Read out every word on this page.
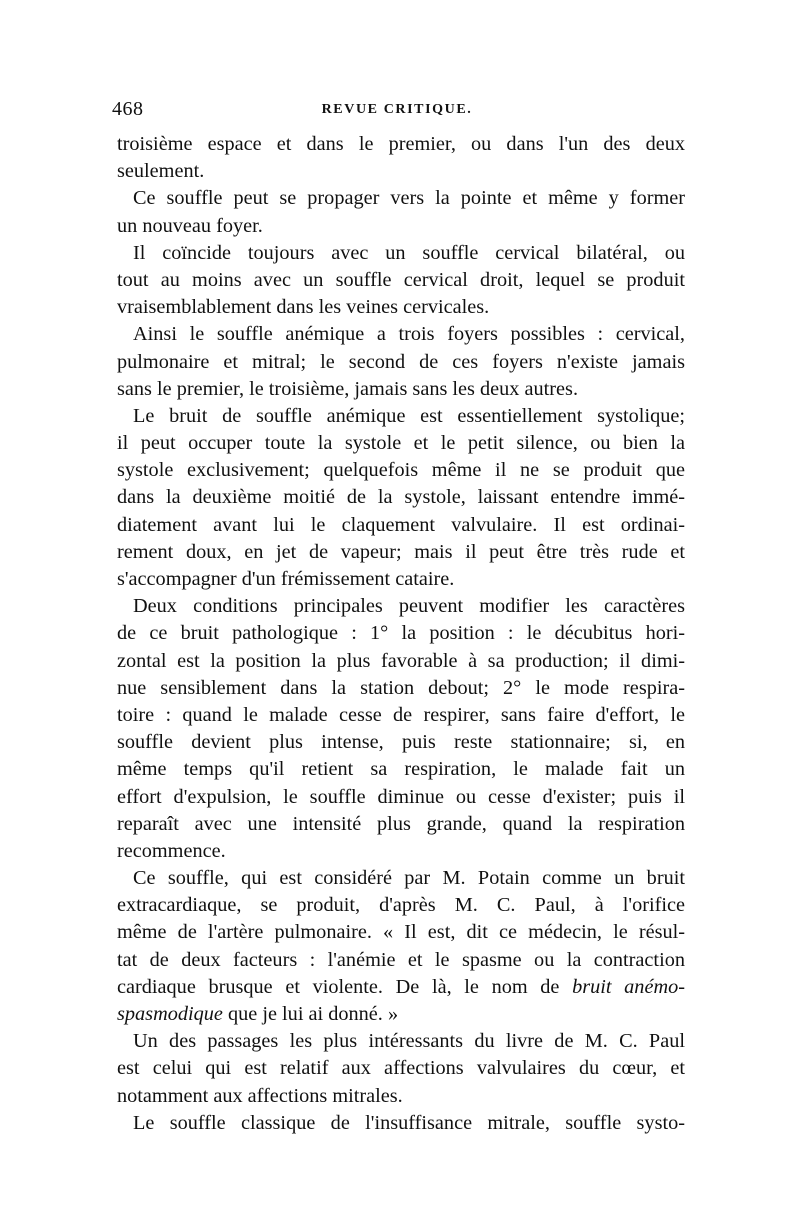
468	REVUE CRITIQUE.
troisième espace et dans le premier, ou dans l'un des deux
seulement.
Ce souffle peut se propager vers la pointe et même y former
un nouveau foyer.
Il coïncide toujours avec un souffle cervical bilatéral, ou
tout au moins avec un souffle cervical droit, lequel se produit
vraisemblablement dans les veines cervicales.
Ainsi le souffle anémique a trois foyers possibles : cervical,
pulmonaire et mitral; le second de ces foyers n'existe jamais
sans le premier, le troisième, jamais sans les deux autres.
Le bruit de souffle anémique est essentiellement systolique;
il peut occuper toute la systole et le petit silence, ou bien la
systole exclusivement; quelquefois même il ne se produit que
dans la deuxième moitié de la systole, laissant entendre immé-
diatement avant lui le claquement valvulaire. Il est ordinai-
rement doux, en jet de vapeur; mais il peut être très rude et
s'accompagner d'un frémissement cataire.
Deux conditions principales peuvent modifier les caractères
de ce bruit pathologique : 1° la position : le décubitus hori-
zontal est la position la plus favorable à sa production; il dimi-
nue sensiblement dans la station debout; 2° le mode respira-
toire : quand le malade cesse de respirer, sans faire d'effort, le
souffle devient plus intense, puis reste stationnaire; si, en
même temps qu'il retient sa respiration, le malade fait un
effort d'expulsion, le souffle diminue ou cesse d'exister; puis il
reparaît avec une intensité plus grande, quand la respiration
recommence.
Ce souffle, qui est considéré par M. Potain comme un bruit
extracardiaque, se produit, d'après M. C. Paul, à l'orifice
même de l'artère pulmonaire. « Il est, dit ce médecin, le résul-
tat de deux facteurs : l'anémie et le spasme ou la contraction
cardiaque brusque et violente. De là, le nom de bruit anémo-
spasmodique que je lui ai donné. »
Un des passages les plus intéressants du livre de M. C. Paul
est celui qui est relatif aux affections valvulaires du cœur, et
notamment aux affections mitrales.
Le souffle classique de l'insuffisance mitrale, souffle systo-
